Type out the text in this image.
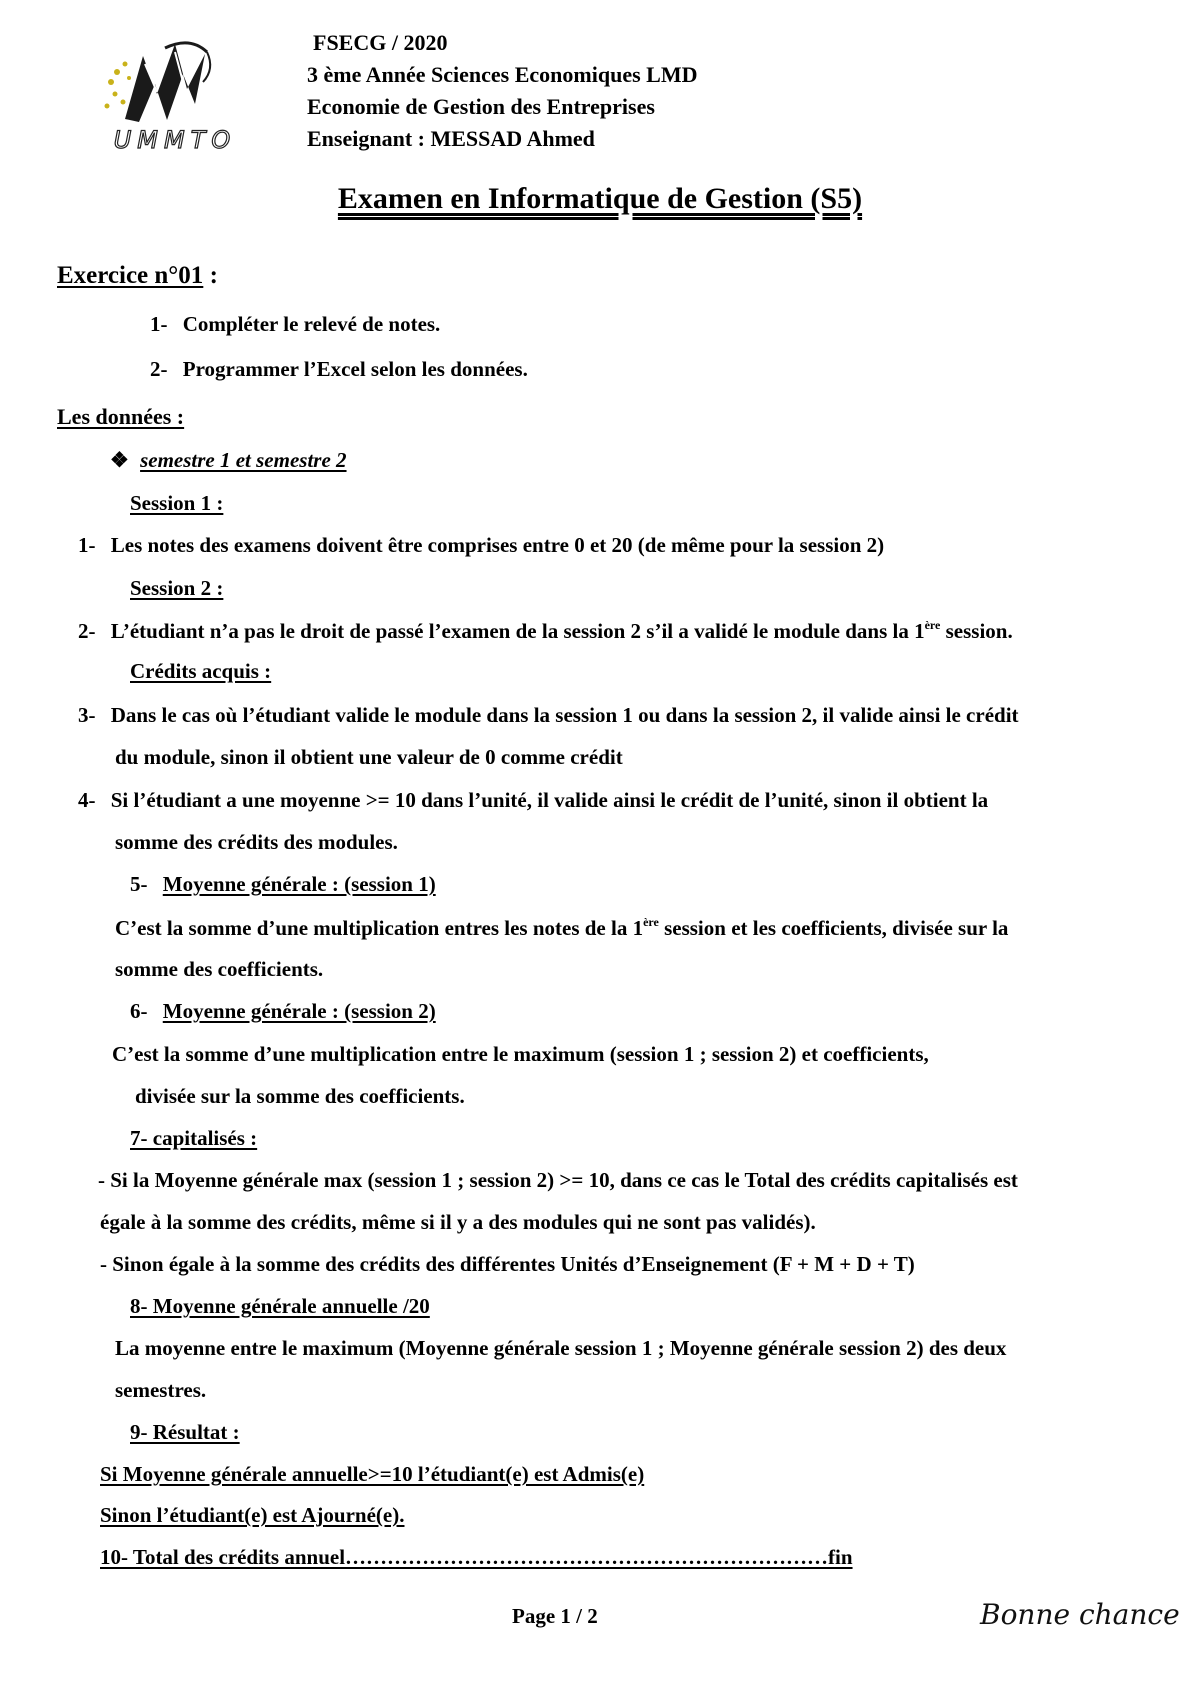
UMMTO
FSECG / 2020
3 ème Année Sciences Economiques LMD
Economie de Gestion des Entreprises
Enseignant : MESSAD Ahmed
Examen en Informatique de Gestion (S5)
Exercice n°01 :
1- Compléter le relevé de notes.
2- Programmer l’Excel selon les données.
Les données :
❖ semestre 1 et semestre 2
Session 1 :
1- Les notes des examens doivent être comprises entre 0 et 20 (de même pour la session 2)
Session 2 :
2- L’étudiant n’a pas le droit de passé l’examen de la session 2 s’il a validé le module dans la 1ère session.
Crédits acquis :
3- Dans le cas où l’étudiant valide le module dans la session 1 ou dans la session 2, il valide ainsi le crédit
du module, sinon il obtient une valeur de 0 comme crédit
4- Si l’étudiant a une moyenne >= 10 dans l’unité, il valide ainsi le crédit de l’unité, sinon il obtient la
somme des crédits des modules.
5- Moyenne générale : (session 1)
C’est la somme d’une multiplication entres les notes de la 1ère session et les coefficients, divisée sur la
somme des coefficients.
6- Moyenne générale : (session 2)
C’est la somme d’une multiplication entre le maximum (session 1 ; session 2) et coefficients,
divisée sur la somme des coefficients.
7- capitalisés :
- Si la Moyenne générale max (session 1 ; session 2) >= 10, dans ce cas le Total des crédits capitalisés est
égale à la somme des crédits, même si il y a des modules qui ne sont pas validés).
- Sinon égale à la somme des crédits des différentes Unités d’Enseignement (F + M + D + T)
8- Moyenne générale annuelle /20
La moyenne entre le maximum (Moyenne générale session 1 ; Moyenne générale session 2) des deux
semestres.
9- Résultat :
Si Moyenne générale annuelle>=10 l’étudiant(e) est Admis(e)
Sinon l’étudiant(e) est Ajourné(e).
10- Total des crédits annuel……………………………………………………………fin
Page 1 / 2	Bonne chance
